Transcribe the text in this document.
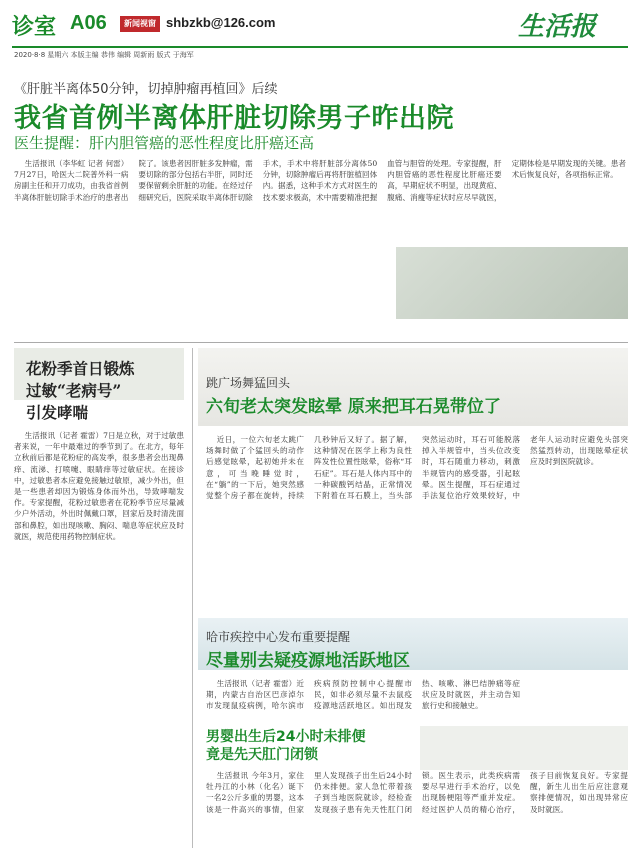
诊室 A06	新闻视窗 shbzkb@126.com	生活报
2020·8·8 星期六 本版主编 恭伟 编辑 周新雨 版式 于海军
《肝脏半离体50分钟，切掉肿瘤再植回》后续
我省首例半离体肝脏切除男子昨出院
医生提醒：肝内胆管癌的恶性程度比肝癌还高

生活报讯（李华虹 记者 何雷）7月27日，哈医大二院普外科一病房副主任和开刀成功，由我省首例半离体肝脏切除手术治疗的患者出院了。该患者因肝脏多发肿瘤，需要切除的部分包括右半肝，同时还要保留剩余肝脏的功能。在经过仔细研究后，医院采取半离体肝切除手术，手术中将肝脏部分离体50分钟，切除肿瘤后再将肝脏植回体内。据悉，这种手术方式对医生的技术要求极高，术中需要精准把握血管与胆管的处理。专家提醒，肝内胆管癌的恶性程度比肝癌还要高，早期症状不明显，出现黄疸、腹痛、消瘦等症状时应尽早就医，定期体检是早期发现的关键。患者术后恢复良好，各项指标正常。

花粉季首日锻炼
过敏“老病号”
引发哮喘

生活报讯（记者 霍雷）7日是立秋，对于过敏患者来说，一年中最难过的季节到了。在北方，每年立秋前后都是花粉症的高发季，很多患者会出现鼻痒、流涕、打喷嚏、眼睛痒等过敏症状。在接诊中，过敏患者本应避免接触过敏原，减少外出，但是一些患者却因为锻炼身体而外出，导致哮喘发作。专家提醒，花粉过敏患者在花粉季节应尽量减少户外活动，外出时佩戴口罩，回家后及时清洗面部和鼻腔，如出现咳嗽、胸闷、喘息等症状应及时就医，规范使用药物控制症状。

跳广场舞猛回头
六旬老太突发眩晕 原来把耳石晃带位了

近日，一位六旬老太跳广场舞时做了个猛回头的动作后感觉眩晕，起初她并未在意，可当晚睡觉时，在“躺”的一下后，她突然感觉整个房子都在旋转，持续几秒钟后又好了。据了解，这种情况在医学上称为良性阵发性位置性眩晕，俗称“耳石症”。耳石是人体内耳中的一种碳酸钙结晶，正常情况下附着在耳石膜上，当头部突然运动时，耳石可能脱落掉入半规管中，当头位改变时，耳石随重力移动，刺激半规管内的感受器，引起眩晕。医生提醒，耳石症通过手法复位治疗效果较好，中老年人运动时应避免头部突然猛烈转动，出现眩晕症状应及时到医院就诊。

哈市疾控中心发布重要提醒
尽量别去疑疫源地活跃地区

生活报讯（记者 霍雷）近期，内蒙古自治区巴彦淖尔市发现鼠疫病例，哈尔滨市疾病预防控制中心提醒市民，如非必须尽量不去鼠疫疫源地活跃地区。如出现发热、咳嗽、淋巴结肿痛等症状应及时就医，并主动告知旅行史和接触史。

男婴出生后24小时未排便
竟是先天肛门闭锁

生活报讯 今年3月，家住牡丹江的小林（化名）诞下一名2公斤多重的男婴，这本该是一件高兴的事情，但家里人发现孩子出生后24小时仍未排便。家人急忙带着孩子到当地医院就诊，经检查发现孩子患有先天性肛门闭锁。医生表示，此类疾病需要尽早进行手术治疗，以免出现肠梗阻等严重并发症。经过医护人员的精心治疗，孩子目前恢复良好。专家提醒，新生儿出生后应注意观察排便情况，如出现异常应及时就医。
